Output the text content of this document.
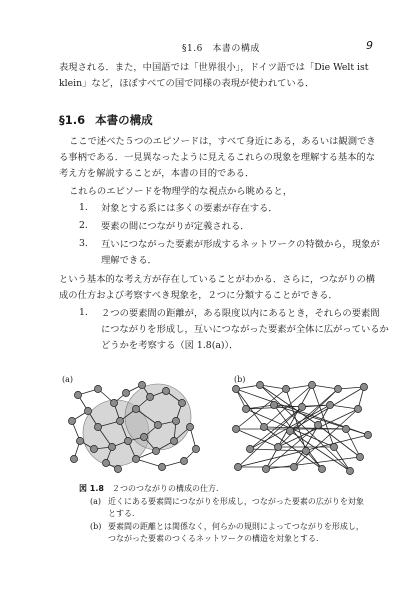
§1.6　本書の構成	9
表現される．また，中国語では「世界很小」，ドイツ語では「Die Welt ist
klein」など，ほぼすべての国で同様の表現が使われている．
§1.6 本書の構成
ここで述べた５つのエピソードは，すべて身近にある，あるいは観測でき
る事柄である．一見異なったように見えるこれらの現象を理解する基本的な
考え方を解説することが，本書の目的である．
これらのエピソードを物理学的な視点から眺めると，
1. 対象とする系には多くの要素が存在する．
2. 要素の間につながりが定義される．
3. 互いにつながった要素が形成するネットワークの特徴から，現象が
理解できる．
という基本的な考え方が存在していることがわかる．さらに，つながりの構
成の仕方および考察すべき現象を，２つに分類することができる．
1. ２つの要素間の距離が，ある限度以内にあるとき，それらの要素間
につながりを形成し，互いにつながった要素が全体に広がっているか
どうかを考察する（図 1.8(a)）．
(a)	(b)
図 1.8 ２つのつながりの構成の仕方．
(a) 近くにある要素間につながりを形成し，つながった要素の広がりを対象
とする．
(b) 要素間の距離とは関係なく，何らかの規則によってつながりを形成し，
つながった要素のつくるネットワークの構造を対象とする．
